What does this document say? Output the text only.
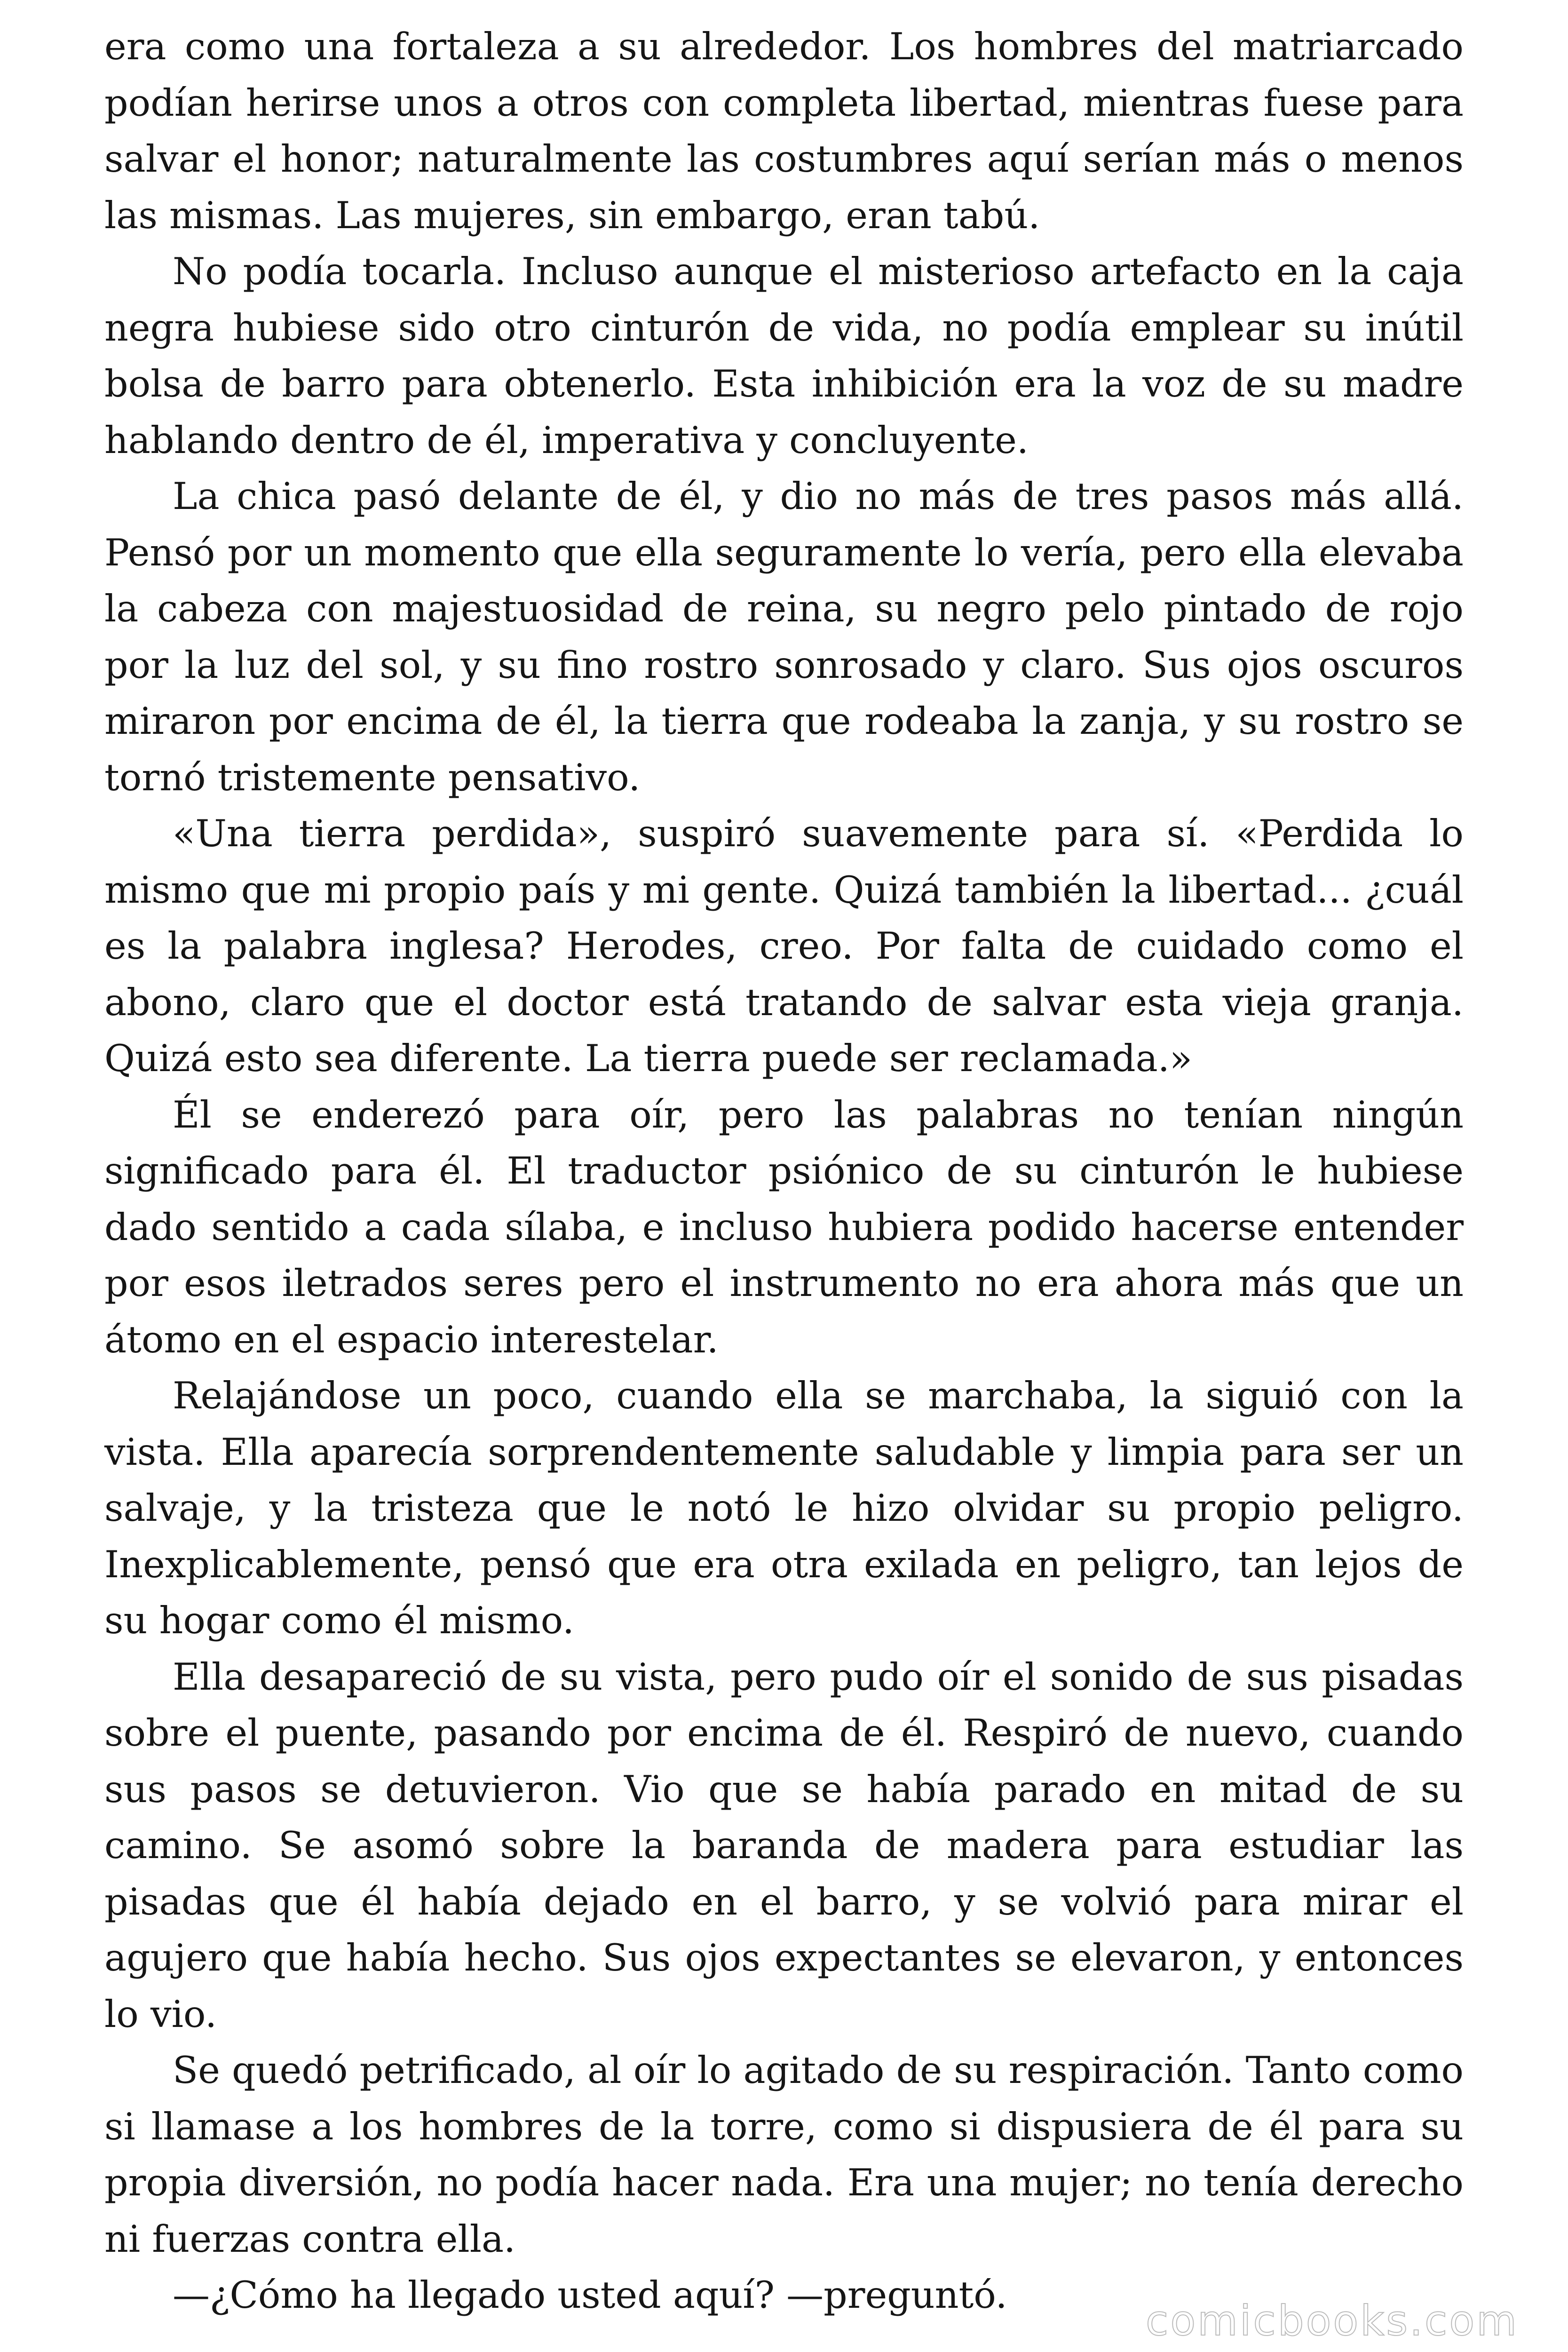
era como una fortaleza a su alrededor. Los hombres del matriarcado podían herirse unos a otros con completa libertad, mientras fuese para salvar el honor; naturalmente las costumbres aquí serían más o menos las mismas. Las mujeres, sin embargo, eran tabú.

No podía tocarla. Incluso aunque el misterioso artefacto en la caja negra hubiese sido otro cinturón de vida, no podía emplear su inútil bolsa de barro para obtenerlo. Esta inhibición era la voz de su madre hablando dentro de él, imperativa y concluyente.

La chica pasó delante de él, y dio no más de tres pasos más allá. Pensó por un momento que ella seguramente lo vería, pero ella elevaba la cabeza con majestuosidad de reina, su negro pelo pintado de rojo por la luz del sol, y su fino rostro sonrosado y claro. Sus ojos oscuros miraron por encima de él, la tierra que rodeaba la zanja, y su rostro se tornó tristemente pensativo.

«Una tierra perdida», suspiró suavemente para sí. «Perdida lo mismo que mi propio país y mi gente. Quizá también la libertad... ¿cuál es la palabra inglesa? Herodes, creo. Por falta de cuidado como el abono, claro que el doctor está tratando de salvar esta vieja granja. Quizá esto sea diferente. La tierra puede ser reclamada.»

Él se enderezó para oír, pero las palabras no tenían ningún significado para él. El traductor psiónico de su cinturón le hubiese dado sentido a cada sílaba, e incluso hubiera podido hacerse entender por esos iletrados seres pero el instrumento no era ahora más que un átomo en el espacio interestelar.

Relajándose un poco, cuando ella se marchaba, la siguió con la vista. Ella aparecía sorprendentemente saludable y limpia para ser un salvaje, y la tristeza que le notó le hizo olvidar su propio peligro. Inexplicablemente, pensó que era otra exilada en peligro, tan lejos de su hogar como él mismo.

Ella desapareció de su vista, pero pudo oír el sonido de sus pisadas sobre el puente, pasando por encima de él. Respiró de nuevo, cuando sus pasos se detuvieron. Vio que se había parado en mitad de su camino. Se asomó sobre la baranda de madera para estudiar las pisadas que él había dejado en el barro, y se volvió para mirar el agujero que había hecho. Sus ojos expectantes se elevaron, y entonces lo vio.

Se quedó petrificado, al oír lo agitado de su respiración. Tanto como si llamase a los hombres de la torre, como si dispusiera de él para su propia diversión, no podía hacer nada. Era una mujer; no tenía derecho ni fuerzas contra ella.

—¿Cómo ha llegado usted aquí? —preguntó.

comicbooks.com
